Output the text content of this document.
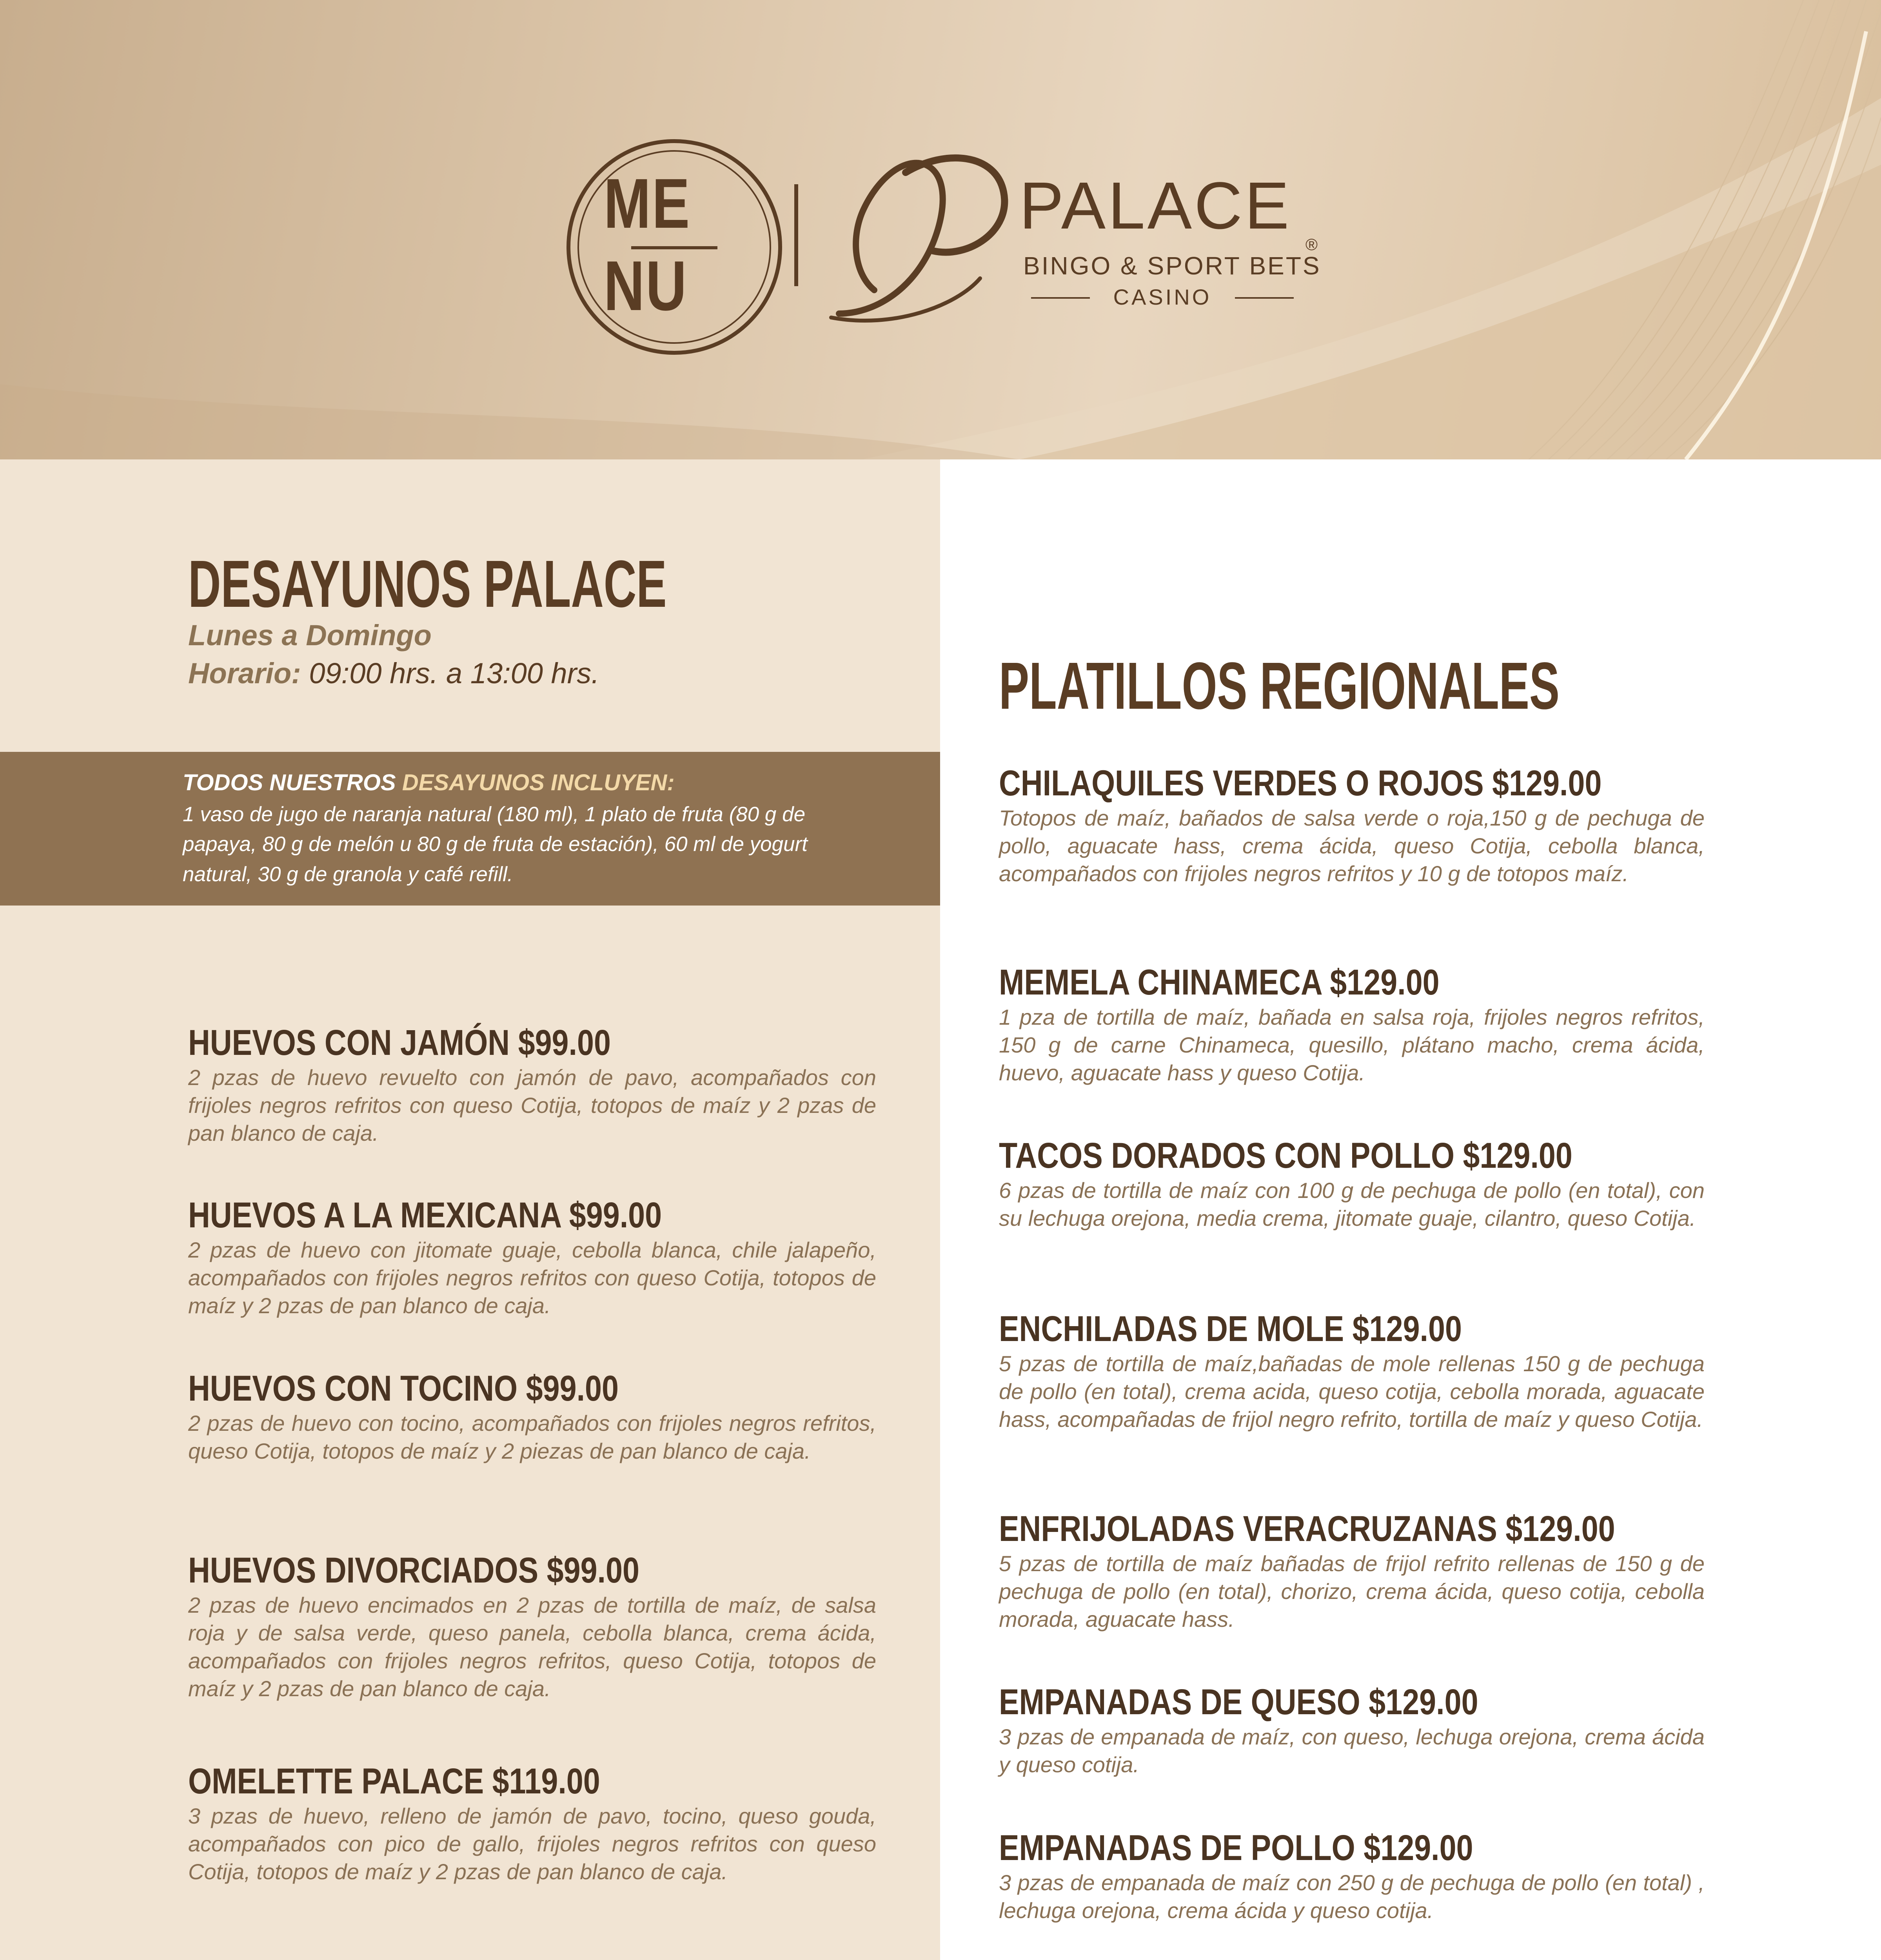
ME
NU
PALACE
®
BINGO & SPORT BETS
CASINO
DESAYUNOS PALACE
Lunes a Domingo
Horario: 09:00 hrs. a 13:00 hrs.
TODOS NUESTROS DESAYUNOS INCLUYEN:
1 vaso de jugo de naranja natural (180 ml), 1 plato de fruta (80 g de papaya, 80 g de melón u 80 g de fruta de estación), 60 ml de yogurt natural, 30 g de granola y café refill.
HUEVOS CON JAMÓN $99.00
2 pzas de huevo revuelto con jamón de pavo, acompañados con frijoles negros refritos con queso Cotija, totopos de maíz y 2 pzas de pan blanco de caja.
HUEVOS A LA MEXICANA $99.00
2 pzas de huevo con jitomate guaje, cebolla blanca, chile jalapeño, acompañados con frijoles negros refritos con queso Cotija, totopos de maíz y 2 pzas de pan blanco de caja.
HUEVOS CON TOCINO $99.00
2 pzas de huevo con tocino, acompañados con frijoles negros refritos, queso Cotija, totopos de maíz y 2 piezas de pan blanco de caja.
HUEVOS DIVORCIADOS $99.00
2 pzas de huevo encimados en 2 pzas de tortilla de maíz, de salsa roja y de salsa verde, queso panela, cebolla blanca, crema ácida, acompañados con frijoles negros refritos, queso Cotija, totopos de maíz y 2 pzas de pan blanco de caja.
OMELETTE PALACE $119.00
3 pzas de huevo, relleno de jamón de pavo, tocino, queso gouda, acompañados con pico de gallo, frijoles negros refritos con queso Cotija, totopos de maíz y 2 pzas de pan blanco de caja.
PLATILLOS REGIONALES
CHILAQUILES VERDES O ROJOS $129.00
Totopos de maíz, bañados de salsa verde o roja,150 g de pechuga de pollo, aguacate hass, crema ácida, queso Cotija, cebolla blanca, acompañados con frijoles negros refritos y 10 g de totopos maíz.
MEMELA CHINAMECA $129.00
1 pza de tortilla de maíz, bañada en salsa roja, frijoles negros refritos, 150 g de carne Chinameca, quesillo, plátano macho, crema ácida, huevo, aguacate hass y queso Cotija.
TACOS DORADOS CON POLLO $129.00
6 pzas de tortilla de maíz con 100 g de pechuga de pollo (en total), con su lechuga orejona, media crema, jitomate guaje, cilantro, queso Cotija.
ENCHILADAS DE MOLE $129.00
5 pzas de tortilla de maíz,bañadas de mole rellenas 150 g de pechuga de pollo (en total), crema acida, queso cotija, cebolla morada, aguacate hass, acompañadas de frijol negro refrito, tortilla de maíz y queso Cotija.
ENFRIJOLADAS VERACRUZANAS $129.00
5 pzas de tortilla de maíz bañadas de frijol refrito rellenas de 150 g de pechuga de pollo (en total), chorizo, crema ácida, queso cotija, cebolla morada, aguacate hass.
EMPANADAS DE QUESO $129.00
3 pzas de empanada de maíz, con queso, lechuga orejona, crema ácida y queso cotija.
EMPANADAS DE POLLO $129.00
3 pzas de empanada de maíz con 250 g de pechuga de pollo (en total) , lechuga orejona, crema ácida y queso cotija.
